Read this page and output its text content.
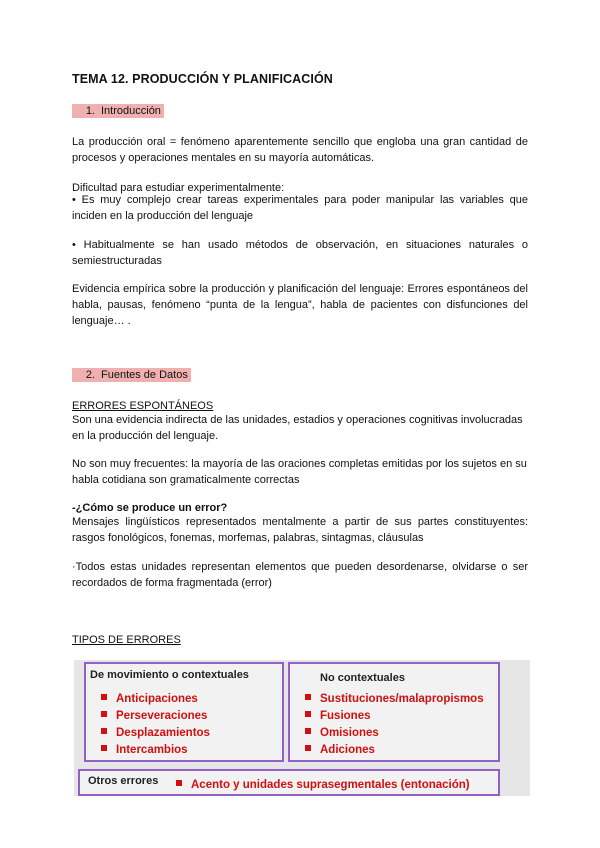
TEMA 12. PRODUCCIÓN Y PLANIFICACIÓN
1. Introducción
La producción oral = fenómeno aparentemente sencillo que engloba una gran cantidad de procesos y operaciones mentales en su mayoría automáticas.
Dificultad para estudiar experimentalmente:
• Es muy complejo crear tareas experimentales para poder manipular las variables que inciden en la producción del lenguaje
• Habitualmente se han usado métodos de observación, en situaciones naturales o semiestructuradas
Evidencia empírica sobre la producción y planificación del lenguaje: Errores espontáneos del habla, pausas, fenómeno “punta de la lengua”, habla de pacientes con disfunciones del lenguaje… .
2. Fuentes de Datos
ERRORES ESPONTÁNEOS
Son una evidencia indirecta de las unidades, estadios y operaciones cognitivas involucradas en la producción del lenguaje.
No son muy frecuentes: la mayoría de las oraciones completas emitidas por los sujetos en su habla cotidiana son gramaticalmente correctas
-¿Cómo se produce un error?
Mensajes lingüísticos representados mentalmente a partir de sus partes constituyentes: rasgos fonológicos, fonemas, morfemas, palabras, sintagmas, cláusulas
·Todos estas unidades representan elementos que pueden desordenarse, olvidarse o ser recordados de forma fragmentada (error)
TIPOS DE ERRORES
De movimiento o contextuales
Anticipaciones
Perseveraciones
Desplazamientos
Intercambios
No contextuales
Sustituciones/malapropismos
Fusiones
Omisiones
Adiciones
Otros errores	Acento y unidades suprasegmentales (entonación)
